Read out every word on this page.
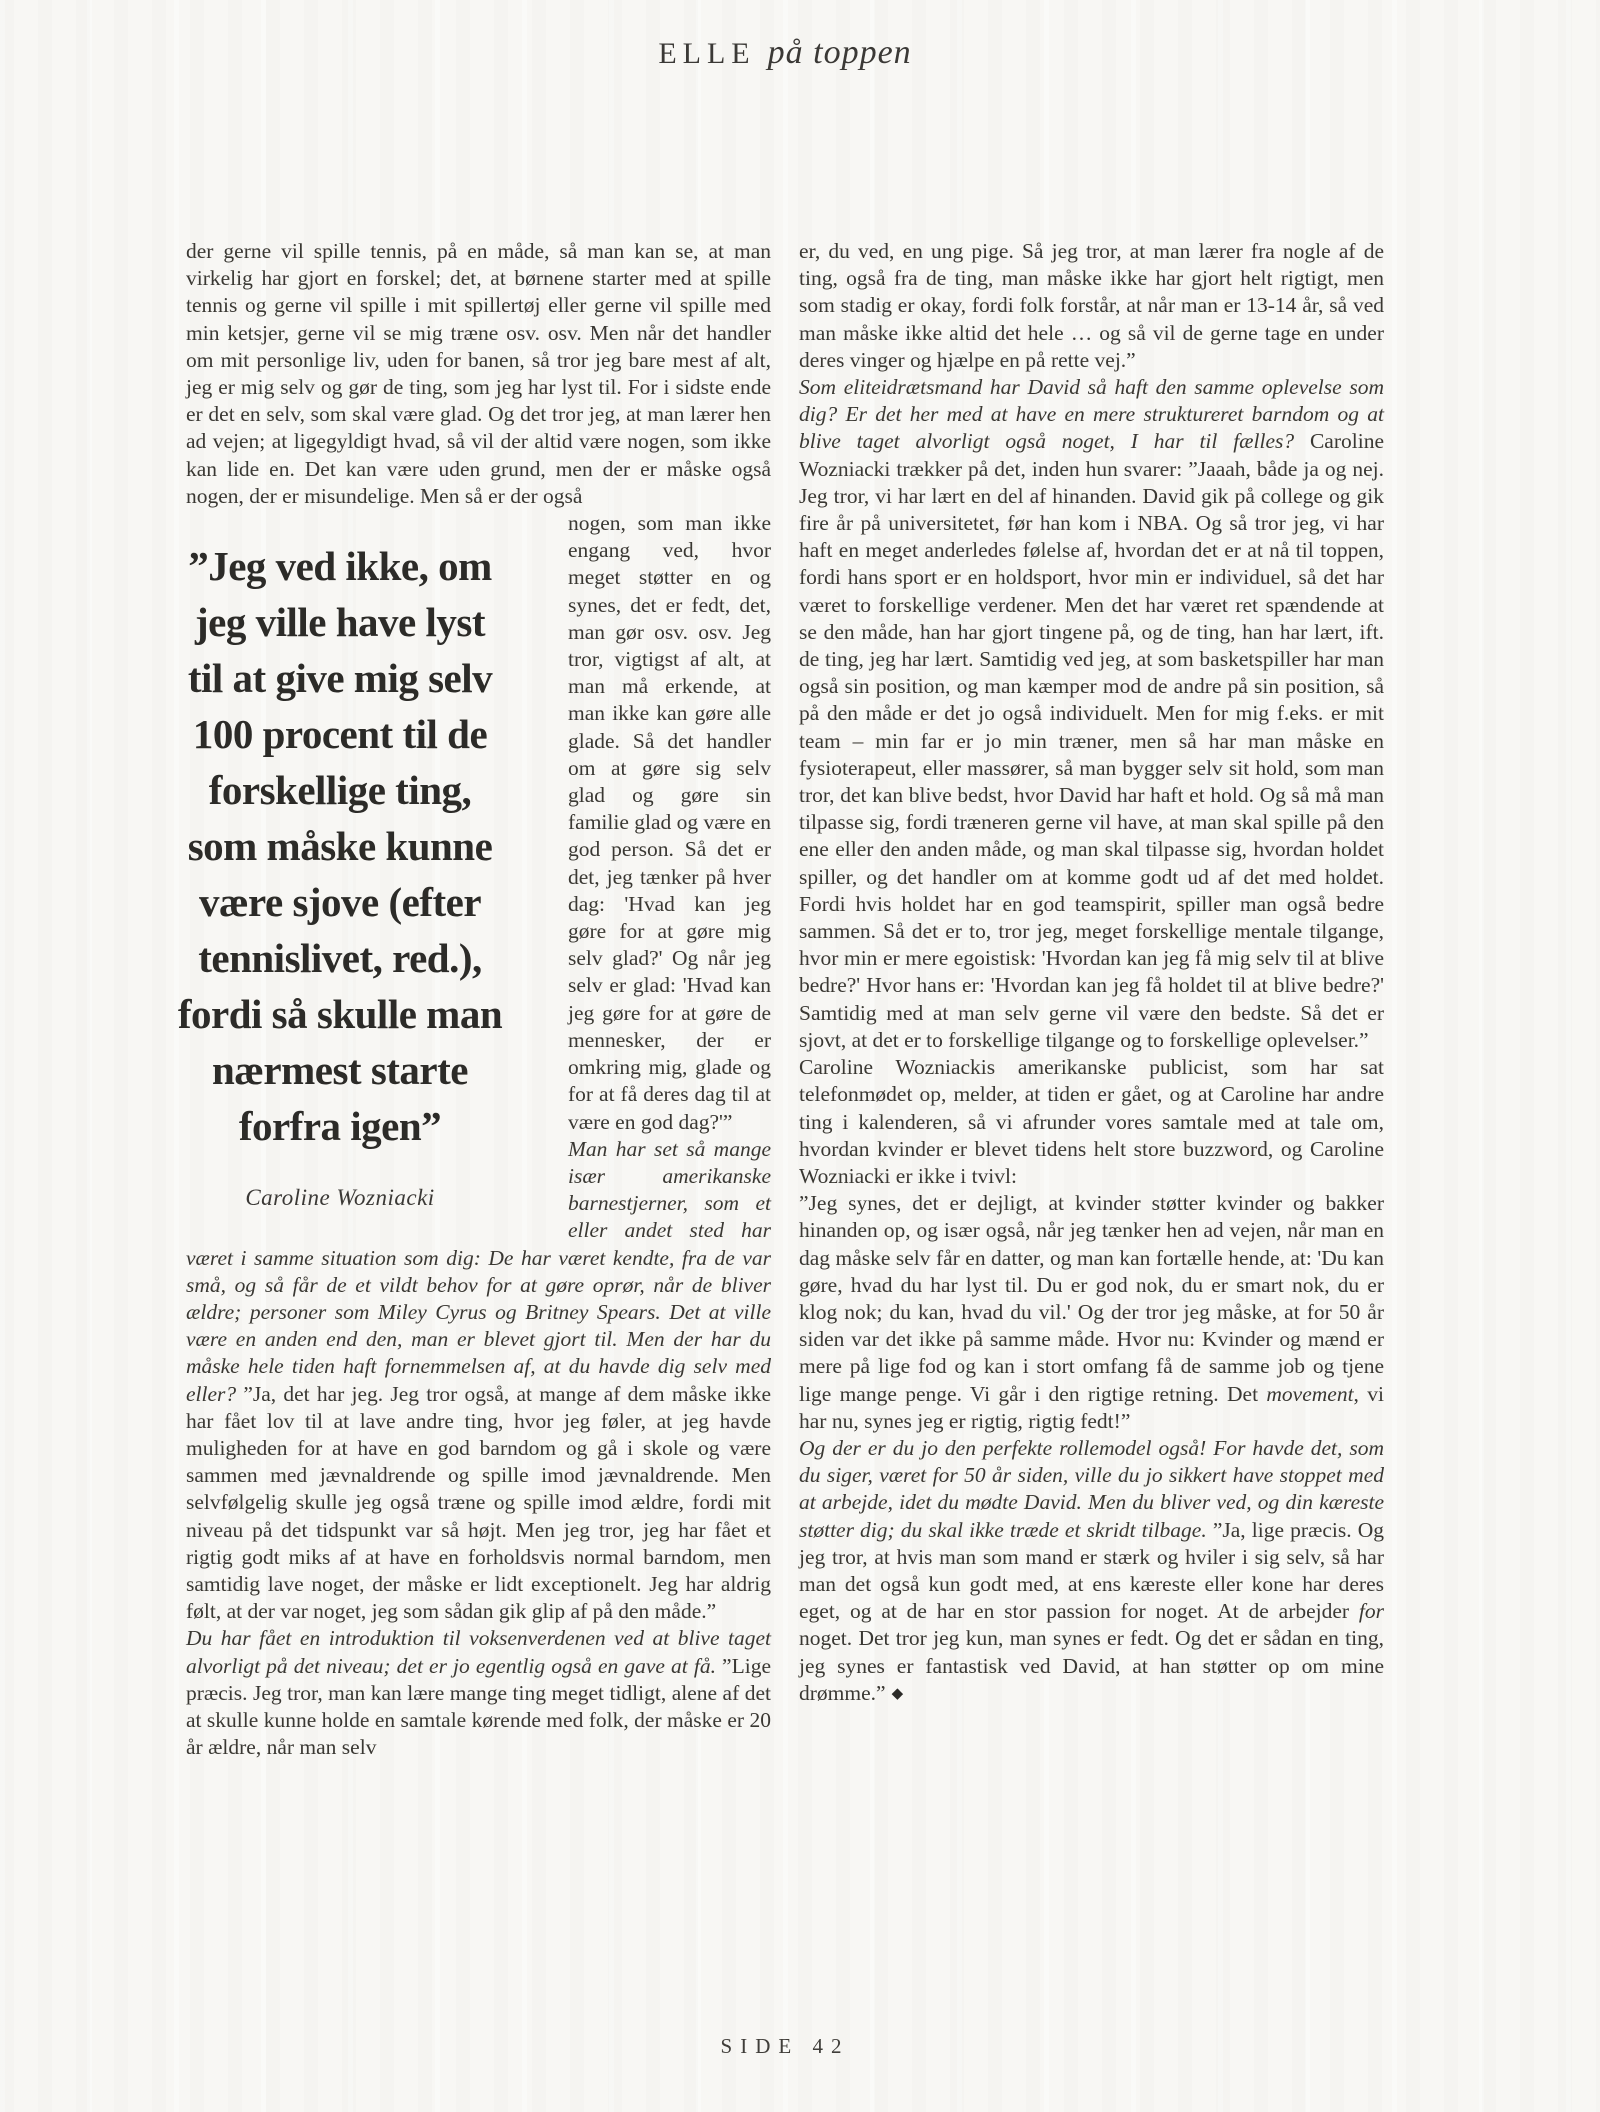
ELLE på toppen

der gerne vil spille tennis, på en måde, så man kan se, at man virkelig har gjort en forskel; det, at børnene starter med at spille tennis og gerne vil spille i mit spillertøj eller gerne vil spille med min ketsjer, gerne vil se mig træne osv. osv. Men når det handler om mit personlige liv, uden for banen, så tror jeg bare mest af alt, jeg er mig selv og gør de ting, som jeg har lyst til. For i sidste ende er det en selv, som skal være glad. Og det tror jeg, at man lærer hen ad vejen; at ligegyldigt hvad, så vil der altid være nogen, som ikke kan lide en. Det kan være uden grund, men der er måske også nogen, der er misundelige. Men så er der også

”Jeg ved ikke, om
jeg ville have lyst
til at give mig selv
100 procent til de
forskellige ting,
som måske kunne
være sjove (efter
tennislivet, red.),
fordi så skulle man
nærmest starte
forfra igen”
Caroline Wozniacki

nogen, som man ikke engang ved, hvor meget støtter en og synes, det er fedt, det, man gør osv. osv. Jeg tror, vigtigst af alt, at man må erkende, at man ikke kan gøre alle glade. Så det handler om at gøre sig selv glad og gøre sin familie glad og være en god person. Så det er det, jeg tænker på hver dag: 'Hvad kan jeg gøre for at gøre mig selv glad?' Og når jeg selv er glad: 'Hvad kan jeg gøre for at gøre de mennesker, der er omkring mig, glade og for at få deres dag til at være en god dag?'”

Man har set så mange især amerikanske barnestjerner, som et eller andet sted har været i samme situation som dig: De har været kendte, fra de var små, og så får de et vildt behov for at gøre oprør, når de bliver ældre; personer som Miley Cyrus og Britney Spears. Det at ville være en anden end den, man er blevet gjort til. Men der har du måske hele tiden haft fornemmelsen af, at du havde dig selv med eller? ”Ja, det har jeg. Jeg tror også, at mange af dem måske ikke har fået lov til at lave andre ting, hvor jeg føler, at jeg havde muligheden for at have en god barndom og gå i skole og være sammen med jævnaldrende og spille imod jævnaldrende. Men selvfølgelig skulle jeg også træne og spille imod ældre, fordi mit niveau på det tidspunkt var så højt. Men jeg tror, jeg har fået et rigtig godt miks af at have en forholdsvis normal barndom, men samtidig lave noget, der måske er lidt exceptionelt. Jeg har aldrig følt, at der var noget, jeg som sådan gik glip af på den måde.”

Du har fået en introduktion til voksenverdenen ved at blive taget alvorligt på det niveau; det er jo egentlig også en gave at få. ”Lige præcis. Jeg tror, man kan lære mange ting meget tidligt, alene af det at skulle kunne holde en samtale kørende med folk, der måske er 20 år ældre, når man selv

er, du ved, en ung pige. Så jeg tror, at man lærer fra nogle af de ting, også fra de ting, man måske ikke har gjort helt rigtigt, men som stadig er okay, fordi folk forstår, at når man er 13-14 år, så ved man måske ikke altid det hele … og så vil de gerne tage en under deres vinger og hjælpe en på rette vej.”

Som eliteidrætsmand har David så haft den samme oplevelse som dig? Er det her med at have en mere struktureret barndom og at blive taget alvorligt også noget, I har til fælles? Caroline Wozniacki trækker på det, inden hun svarer: ”Jaaah, både ja og nej. Jeg tror, vi har lært en del af hinanden. David gik på college og gik fire år på universitetet, før han kom i NBA. Og så tror jeg, vi har haft en meget anderledes følelse af, hvordan det er at nå til toppen, fordi hans sport er en holdsport, hvor min er individuel, så det har været to forskellige verdener. Men det har været ret spændende at se den måde, han har gjort tingene på, og de ting, han har lært, ift. de ting, jeg har lært. Samtidig ved jeg, at som basketspiller har man også sin position, og man kæmper mod de andre på sin position, så på den måde er det jo også individuelt. Men for mig f.eks. er mit team – min far er jo min træner, men så har man måske en fysioterapeut, eller massører, så man bygger selv sit hold, som man tror, det kan blive bedst, hvor David har haft et hold. Og så må man tilpasse sig, fordi træneren gerne vil have, at man skal spille på den ene eller den anden måde, og man skal tilpasse sig, hvordan holdet spiller, og det handler om at komme godt ud af det med holdet. Fordi hvis holdet har en god teamspirit, spiller man også bedre sammen. Så det er to, tror jeg, meget forskellige mentale tilgange, hvor min er mere egoistisk: 'Hvordan kan jeg få mig selv til at blive bedre?' Hvor hans er: 'Hvordan kan jeg få holdet til at blive bedre?' Samtidig med at man selv gerne vil være den bedste. Så det er sjovt, at det er to forskellige tilgange og to forskellige oplevelser.”

Caroline Wozniackis amerikanske publicist, som har sat telefonmødet op, melder, at tiden er gået, og at Caroline har andre ting i kalenderen, så vi afrunder vores samtale med at tale om, hvordan kvinder er blevet tidens helt store buzzword, og Caroline Wozniacki er ikke i tvivl:

”Jeg synes, det er dejligt, at kvinder støtter kvinder og bakker hinanden op, og især også, når jeg tænker hen ad vejen, når man en dag måske selv får en datter, og man kan fortælle hende, at: 'Du kan gøre, hvad du har lyst til. Du er god nok, du er smart nok, du er klog nok; du kan, hvad du vil.' Og der tror jeg måske, at for 50 år siden var det ikke på samme måde. Hvor nu: Kvinder og mænd er mere på lige fod og kan i stort omfang få de samme job og tjene lige mange penge. Vi går i den rigtige retning. Det movement, vi har nu, synes jeg er rigtig, rigtig fedt!”

Og der er du jo den perfekte rollemodel også! For havde det, som du siger, været for 50 år siden, ville du jo sikkert have stoppet med at arbejde, idet du mødte David. Men du bliver ved, og din kæreste støtter dig; du skal ikke træde et skridt tilbage. ”Ja, lige præcis. Og jeg tror, at hvis man som mand er stærk og hviler i sig selv, så har man det også kun godt med, at ens kæreste eller kone har deres eget, og at de har en stor passion for noget. At de arbejder for noget. Det tror jeg kun, man synes er fedt. Og det er sådan en ting, jeg synes er fantastisk ved David, at han støtter op om mine drømme.” ◆

SIDE 42
